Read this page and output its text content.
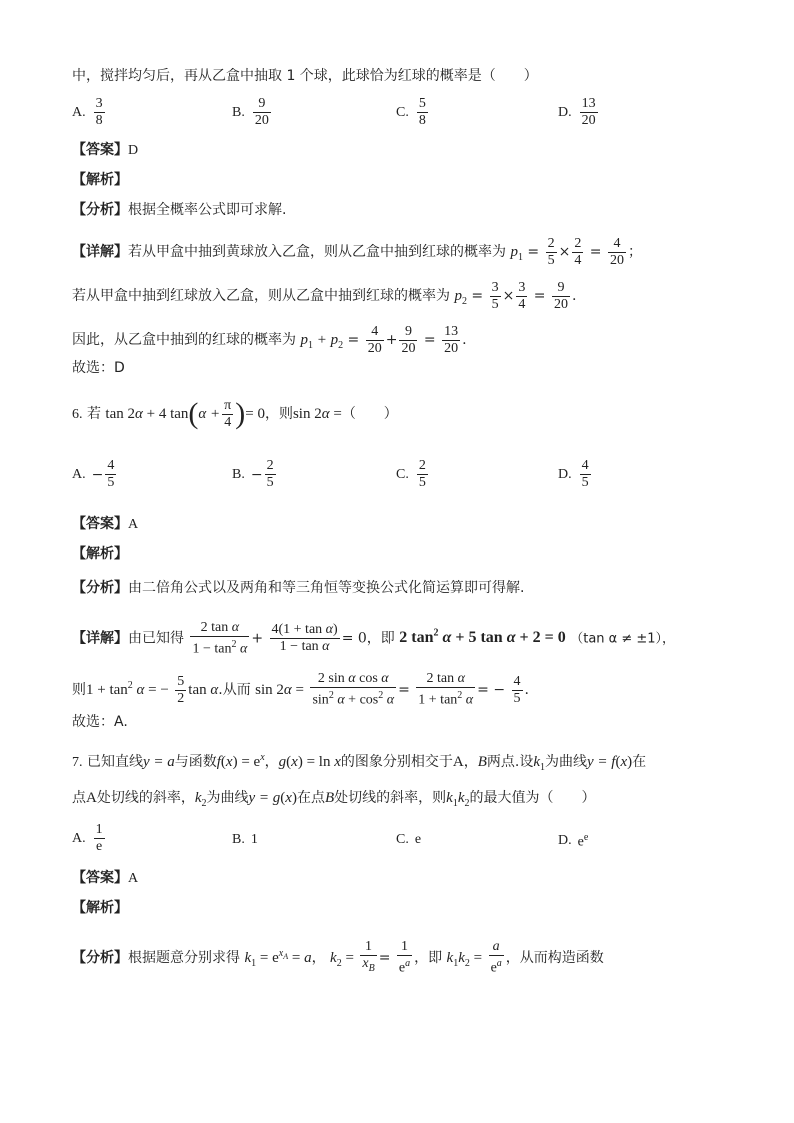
中，搅拌均匀后，再从乙盒中抽取 1 个球，此球恰为红球的概率是（　　）
A. $\frac{3}{8}$	B. $\frac{9}{20}$	C. $\frac{5}{8}$	D. $\frac{13}{20}$
【答案】D
【解析】
【分析】根据全概率公式即可求解.
【详解】若从甲盒中抽到黄球放入乙盒，则从乙盒中抽到红球的概率为 $p_1 = \frac{2}{5} \times \frac{2}{4} = \frac{4}{20}$ ；
若从甲盒中抽到红球放入乙盒，则从乙盒中抽到红球的概率为 $p_2 = \frac{3}{5} \times \frac{3}{4} = \frac{9}{20}$ .
因此，从乙盒中抽到的红球的概率为 $p_1 + p_2 = \frac{4}{20} + \frac{9}{20} = \frac{13}{20}$ .
故选：D
6. 若 tan 2α + 4 $\tan(\alpha + \frac{\pi}{4}$ )= 0，则sin 2α =（　　）
A. − $\frac{4}{5}$	B. − $\frac{2}{5}$	C. $\frac{2}{5}$	D. $\frac{4}{5}$
【答案】A
【解析】
【分析】由二倍角公式以及两角和等三角恒等变换公式化简运算即可得解.
【详解】由已知得 $\frac{\text{2 tan α}}{1 - \tan^2 \alpha} + \frac{\text{4(1 + tan α)}}{\text{1 − tan α}} = 0$，即 2 $\tan^2 \alpha + 5$ tan α + 2 = 0 （tan α ≠ ±1），
则$1 + \tan^2 \alpha$ = − $\frac{5}{2}$ tan α.从而 $\sin 2\alpha = \frac{\text{2 sin α cos α}}{\sin^2 \alpha + \cos^2 \alpha} = \frac{\text{2 tan α}}{1 + \tan^2 \alpha}$ = − $\frac{4}{5}$ .
故选：A.
7. 已知直线y = a与函数$f(x) = e^x$，g(x) = ln x的图象分别相交于A，B两点.设$k_1$为曲线y = f(x)在
点A处切线的斜率，$k_2$为曲线y = g(x)在点B处切线的斜率，则$k_1k_2$的最大值为（　　）
A. $\frac{1}{e}$	B. 1	C. e	D. $e^e$
【答案】A
【解析】
【分析】根据题意分别求得 $k_1 = e^{x_A} = a$， $k_2 = \frac{1}{x_B} = \frac{1}{e^a}$ ，即 $k_1k_2 = \frac{a}{e^a}$ ，从而构造函数
